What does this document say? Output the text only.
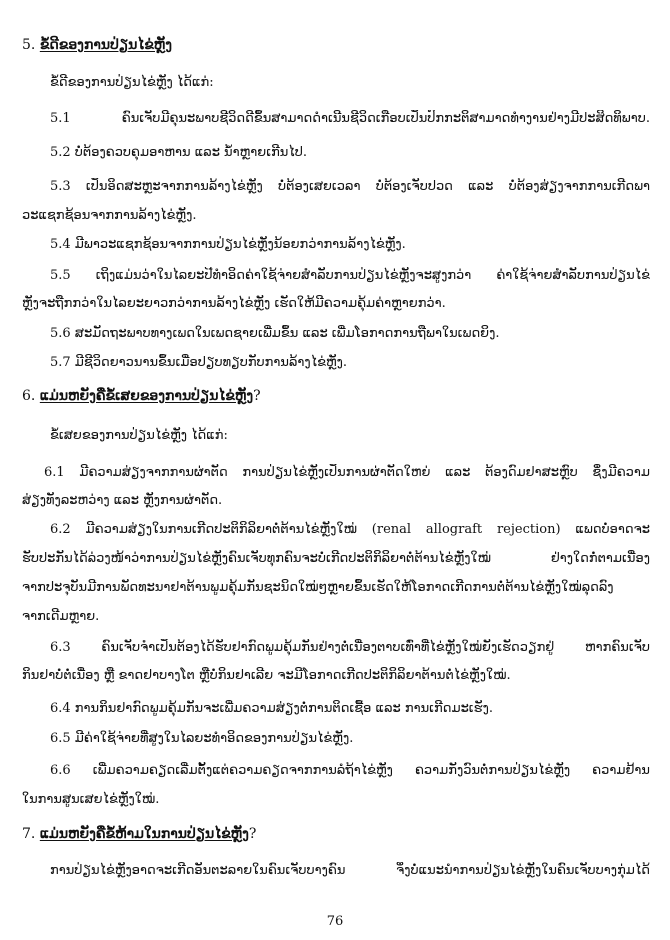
5. ຂໍ້ດີຂອງການປ່ຽນໄຂ່ຫຼັງ
ຂໍ້ດີຂອງການປ່ຽນໄຂ່ຫຼັງ ໄດ້ແກ່:
5.1 ຄົນເຈັບມີຄຸນະພາບຊີວິດດີຂຶ້ນສາມາດດຳເນີນຊີວິດເກືອບເປັນປົກກະຕິສາມາດທຳງານຢ່າງມີປະສິດທິພາບ.
5.2 ບໍ່ຕ້ອງຄວບຄຸມອາຫານ ແລະ ນ້ຳຫຼາຍເກີນໄປ.
5.3 ເປັນອິດສະຫຼະຈາກການລ້າງໄຂ່ຫຼັງ ບໍ່ຕ້ອງເສຍເວລາ ບໍ່ຕ້ອງເຈັບປວດ ແລະ ບໍ່ຕ້ອງສ່ຽງຈາກການເກີດພາ
ວະແຊກຊ້ອນຈາກການລ້າງໄຂ່ຫຼັງ.
5.4 ມີພາວະແຊກຊ້ອນຈາກການປ່ຽນໄຂ່ຫຼັງນ້ອຍກວ່າການລ້າງໄຂ່ຫຼັງ.
5.5 ເຖິງແມ່ນວ່າໃນໄລຍະປີທຳອິດຄ່າໃຊ້ຈ່າຍສຳລັບການປ່ຽນໄຂ່ຫຼັງຈະສູງກວ່າ ຄ່າໃຊ້ຈ່າຍສຳລັບການປ່ຽນໄຂ່
ຫຼັງຈະຖືກກວ່າໃນໄລຍະຍາວກວ່າການລ້າງໄຂ່ຫຼັງ ເຮັດໃຫ້ມີຄວາມຄຸ້ມຄ່າຫຼາຍກວ່າ.
5.6 ສະມັດຖະພາບທາງເພດໃນເພດຊາຍເພີ່ມຂຶ້ນ ແລະ ເພີ່ມໂອກາດການຖືພາໃນເພດຍິງ.
5.7 ມີຊີວິດຍາວນານຂຶ້ນເມື່ອປຽບທຽບກັບການລ້າງໄຂ່ຫຼັງ.
6. ແມ່ນຫຍັງຄືຂໍ້ເສຍຂອງການປ່ຽນໄຂ່ຫຼັງ?
ຂໍ້ເສຍຂອງການປ່ຽນໄຂ່ຫຼັງ ໄດ້ແກ່:
6.1 ມີຄວາມສ່ຽງຈາກການຜ່າຕັດ ການປ່ຽນໄຂ່ຫຼັງເປັນການຜ່າຕັດໃຫຍ່ ແລະ ຕ້ອງດົມຢາສະຫຼົບ ຊຶ່ງມີຄວາມ
ສ່ຽງທັງລະຫວ່າງ ແລະ ຫຼັງການຜ່າຕັດ.
6.2 ມີຄວາມສ່ຽງໃນການເກີດປະຕິກິລິຍາຕໍ່ຕ້ານໄຂ່ຫຼັງໃໝ່ (renal allograft rejection) ແພດບໍ່ອາດຈະ
ຮັບປະກັນໄດ້ລ່ວງໜ້າວ່າການປ່ຽນໄຂ່ຫຼັງຄົນເຈັບທຸກຄົນຈະບໍ່ເກີດປະຕິກິລິຍາຕໍ່ຕ້ານໄຂ່ຫຼັງໃໝ່ ຢ່າງໃດກໍ່ຕາມເນື່ອງ
ຈາກປະຈຸບັນມີການພັດທະນາຢາຕ້ານພູມຄຸ້ມກັນຊະນິດໃໝ່ໆຫຼາຍຂຶ້ນເຮັດໃຫ້ໂອກາດເກີດການຕໍ່ຕ້ານໄຂ່ຫຼັງໃໝ່ລຸດລົງ
ຈາກເດີມຫຼາຍ.
6.3 ຄົນເຈັບຈຳເປັນຕ້ອງໄດ້ຮັບຢາກົດພູມຄຸ້ມກັນຢ່າງຕໍ່ເນື່ອງຕາບເທົ່າທີ່ໄຂ່ຫຼັງໃໝ່ຍັງເຮັດວຽກຢູ່ ຫາກຄົນເຈັບ
ກິນຢາບໍ່ຕໍ່ເນື່ອງ ຫຼື ຂາດຢາບາງໂຕ ຫຼືບໍ່ກິນຢາເລີຍ ຈະມີໂອກາດເກີດປະຕິກິລິຍາຕ້ານຕໍ່ໄຂ່ຫຼັງໃໝ່.
6.4 ການກິນຢາກົດພູມຄຸ້ມກັນຈະເພີ່ມຄວາມສ່ຽງຕໍ່ການຕິດເຊື້ອ ແລະ ການເກີດມະເຮັງ.
6.5 ມີຄ່າໃຊ້ຈ່າຍທີ່ສູງໃນໄລຍະທຳອິດຂອງການປ່ຽນໄຂ່ຫຼັງ.
6.6 ເພີ່ມຄວາມຄຽດເລີ່ມຕັ້ງແຕ່ຄວາມຄຽດຈາກການລໍຖ້າໄຂ່ຫຼັງ ຄວາມກັງວົນຕໍ່ການປ່ຽນໄຂ່ຫຼັງ ຄວາມຢ້ານ
ໃນການສູນເສຍໄຂ່ຫຼັງໃໝ່.
7. ແມ່ນຫຍັງຄືຂໍ້ຫ້າມໃນການປ່ຽນໄຂ່ຫຼັງ?
ການປ່ຽນໄຂ່ຫຼັງອາດຈະເກີດອັນຕະລາຍໃນຄົນເຈັບບາງຄົນ ຈຶ່ງບໍ່ແນະນຳການປ່ຽນໄຂ່ຫຼັງໃນຄົນເຈັບບາງກຸ່ມໄດ້
76
